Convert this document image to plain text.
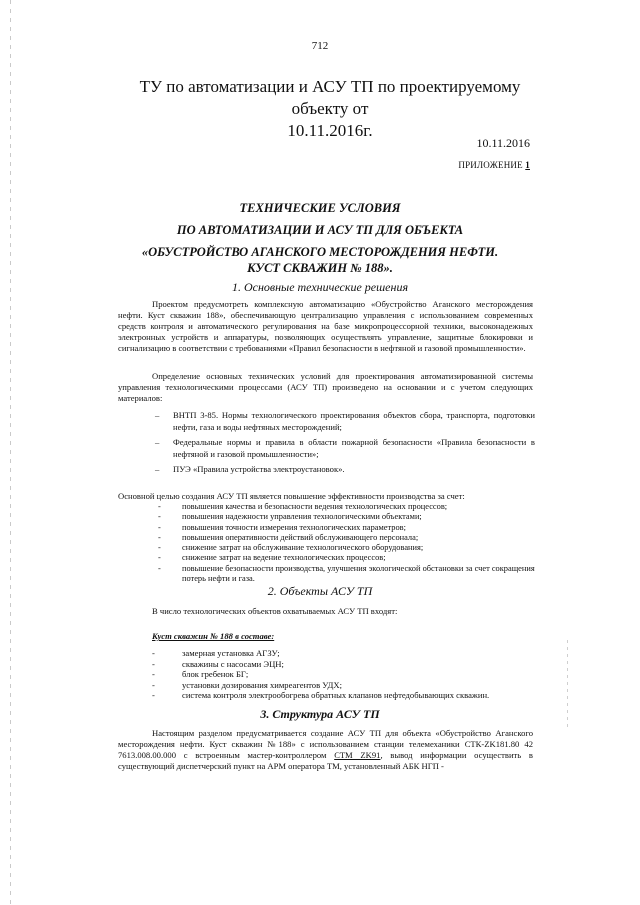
712
ТУ по автоматизации и АСУ ТП по проектируемому объекту от
10.11.2016г.
10.11.2016
ПРИЛОЖЕНИЕ 1
ТЕХНИЧЕСКИЕ УСЛОВИЯ
ПО АВТОМАТИЗАЦИИ И АСУ ТП ДЛЯ ОБЪЕКТА
«ОБУСТРОЙСТВО АГАНСКОГО МЕСТОРОЖДЕНИЯ НЕФТИ.
КУСТ СКВАЖИН № 188».
1. Основные технические решения
Проектом предусмотреть комплексную автоматизацию «Обустройство Аганского месторождения нефти. Куст скважин 188», обеспечивающую централизацию управления с использованием современных средств контроля и автоматического регулирования на базе микропроцессорной техники, высоконадежных электронных устройств и аппаратуры, позволяющих осуществлять управление, защитные блокировки и сигнализацию в соответствии с требованиями «Правил безопасности в нефтяной и газовой промышленности».
Определение основных технических условий для проектирования автоматизированной системы управления технологическими процессами (АСУ ТП) произведено на основании и с учетом следующих материалов:
–	ВНТП 3-85. Нормы технологического проектирования объектов сбора, транспорта, подготовки нефти, газа и воды нефтяных месторождений;
–	Федеральные нормы и правила в области пожарной безопасности «Правила безопасности в нефтяной и газовой промышленности»;
–	ПУЭ «Правила устройства электроустановок».
Основной целью создания АСУ ТП является повышение эффективности производства за счет:
-	повышения качества и безопасности ведения технологических процессов;
-	повышения надежности управления технологическими объектами;
-	повышения точности измерения технологических параметров;
-	повышения оперативности действий обслуживающего персонала;
-	снижение затрат на обслуживание технологического оборудования;
-	снижение затрат на ведение технологических процессов;
-	повышение безопасности производства, улучшения экологической обстановки за счет сокращения потерь нефти и газа.
2. Объекты АСУ ТП
В число технологических объектов охватываемых АСУ ТП входят:
Куст скважин № 188 в составе:
-	замерная установка АГЗУ;
-	скважины с насосами ЭЦН;
-	блок гребенок БГ;
-	установки дозирования химреагентов УДХ;
-	система контроля электрообогрева обратных клапанов нефтедобывающих скважин.
3. Структура АСУ ТП
Настоящим разделом предусматривается создание АСУ ТП для объекта «Обустройство Аганского месторождения нефти. Куст скважин №188» с использованием станции телемеханики СТК-ZK181.80 42 7613.008.00.000 с встроенным мастер-контроллером СТМ ZK91, вывод информации осуществить в существующий диспетчерский пункт на АРМ оператора ТМ, установленный АБК НГП -
